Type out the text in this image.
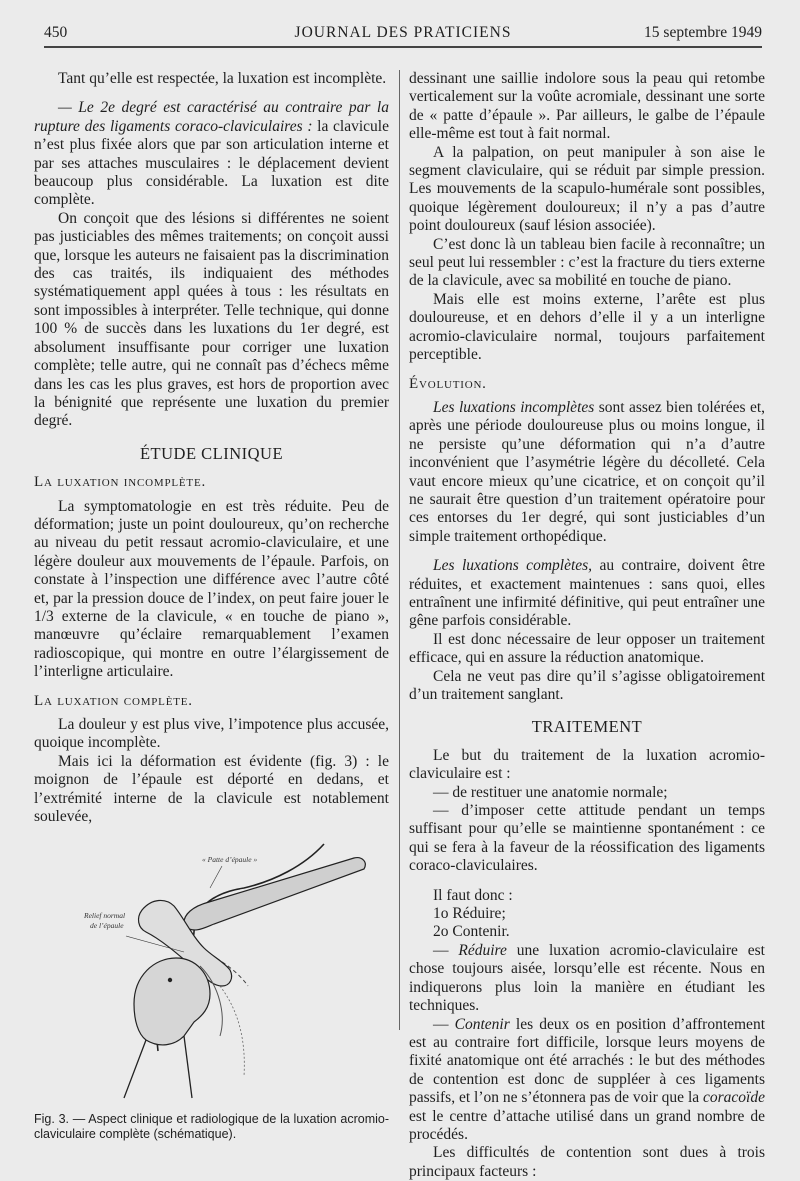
450	JOURNAL DES PRATICIENS	15 septembre 1949

Tant qu’elle est respectée, la luxation est incomplète.

— Le 2e degré est caractérisé au contraire par la rupture des ligaments coraco-claviculaires : la clavicule n’est plus fixée alors que par son articulation interne et par ses attaches musculaires : le déplacement devient beaucoup plus considérable. La luxation est dite complète.

On conçoit que des lésions si différentes ne soient pas justiciables des mêmes traitements; on conçoit aussi que, lorsque les auteurs ne faisaient pas la discrimination des cas traités, ils indiquaient des méthodes systématiquement appl quées à tous : les résultats en sont impossibles à interpréter. Telle technique, qui donne 100 % de succès dans les luxations du 1er degré, est absolument insuffisante pour corriger une luxation complète; telle autre, qui ne connaît pas d’échecs même dans les cas les plus graves, est hors de proportion avec la bénignité que représente une luxation du premier degré.

ÉTUDE CLINIQUE
La luxation incomplète.

La symptomatologie en est très réduite. Peu de déformation; juste un point douloureux, qu’on recherche au niveau du petit ressaut acromio-claviculaire, et une légère douleur aux mouvements de l’épaule. Parfois, on constate à l’inspection une différence avec l’autre côté et, par la pression douce de l’index, on peut faire jouer le 1/3 externe de la clavicule, « en touche de piano », manœuvre qu’éclaire remarquablement l’examen radioscopique, qui montre en outre l’élargissement de l’interligne articulaire.

La luxation complète.

La douleur y est plus vive, l’impotence plus accusée, quoique incomplète.

Mais ici la déformation est évidente (fig. 3) : le moignon de l’épaule est déporté en dedans, et l’extrémité interne de la clavicule est notablement soulevée,

« Patte d’épaule »
Relief normal
de l’épaule

Fig. 3. — Aspect clinique et radiologique de la luxation acromio-claviculaire complète (schématique).

dessinant une saillie indolore sous la peau qui retombe verticalement sur la voûte acromiale, dessinant une sorte de « patte d’épaule ». Par ailleurs, le galbe de l’épaule elle-même est tout à fait normal.

A la palpation, on peut manipuler à son aise le segment claviculaire, qui se réduit par simple pression. Les mouvements de la scapulo-humérale sont possibles, quoique légèrement douloureux; il n’y a pas d’autre point douloureux (sauf lésion associée).

C’est donc là un tableau bien facile à reconnaître; un seul peut lui ressembler : c’est la fracture du tiers externe de la clavicule, avec sa mobilité en touche de piano.

Mais elle est moins externe, l’arête est plus douloureuse, et en dehors d’elle il y a un interligne acromio-claviculaire normal, toujours parfaitement perceptible.

Évolution.

Les luxations incomplètes sont assez bien tolérées et, après une période douloureuse plus ou moins longue, il ne persiste qu’une déformation qui n’a d’autre inconvénient que l’asymétrie légère du décolleté. Cela vaut encore mieux qu’une cicatrice, et on conçoit qu’il ne saurait être question d’un traitement opératoire pour ces entorses du 1er degré, qui sont justiciables d’un simple traitement orthopédique.

Les luxations complètes, au contraire, doivent être réduites, et exactement maintenues : sans quoi, elles entraînent une infirmité définitive, qui peut entraîner une gêne parfois considérable.

Il est donc nécessaire de leur opposer un traitement efficace, qui en assure la réduction anatomique.

Cela ne veut pas dire qu’il s’agisse obligatoirement d’un traitement sanglant.

TRAITEMENT

Le but du traitement de la luxation acromio-claviculaire est :

— de restituer une anatomie normale;

— d’imposer cette attitude pendant un temps suffisant pour qu’elle se maintienne spontanément : ce qui se fera à la faveur de la réossification des ligaments coraco-claviculaires.

Il faut donc :

1o Réduire;

2o Contenir.

— Réduire une luxation acromio-claviculaire est chose toujours aisée, lorsqu’elle est récente. Nous en indiquerons plus loin la manière en étudiant les techniques.

— Contenir les deux os en position d’affrontement est au contraire fort difficile, lorsque leurs moyens de fixité anatomique ont été arrachés : le but des méthodes de contention est donc de suppléer à ces ligaments passifs, et l’on ne s’étonnera pas de voir que la coracoïde est le centre d’attache utilisé dans un grand nombre de procédés.

Les difficultés de contention sont dues à trois principaux facteurs :
